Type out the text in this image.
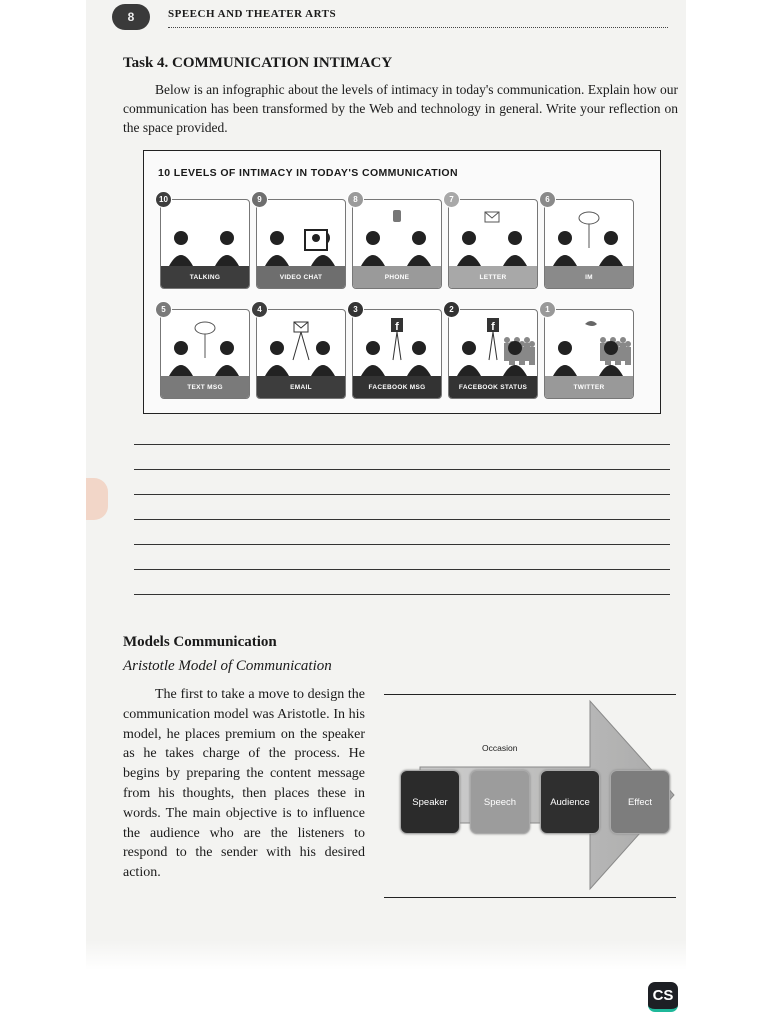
8	SPEECH AND THEATER ARTS
Task 4. COMMUNICATION INTIMACY
Below is an infographic about the levels of intimacy in today's communication. Explain how our communication has been transformed by the Web and technology in general. Write your reflection on the space provided.
10 LEVELS OF INTIMACY IN TODAY'S COMMUNICATION
TALKING
10
VIDEO CHAT
9
PHONE
8
LETTER
7
IM
6
TEXT MSG
5
EMAIL
4
f
FACEBOOK MSG
3
f
FACEBOOK STATUS
2
TWITTER
1
Models Communication
Aristotle Model of Communication
The first to take a move to design the communication model was Aristotle. In his model, he places premium on the speaker as he takes charge of the process. He begins by preparing the content message from his thoughts, then places these in words. The main objective is to influence the audience who are the listeners to respond to the sender with his desired action.
Occasion
Speaker	Speech	Audience	Effect
CS
